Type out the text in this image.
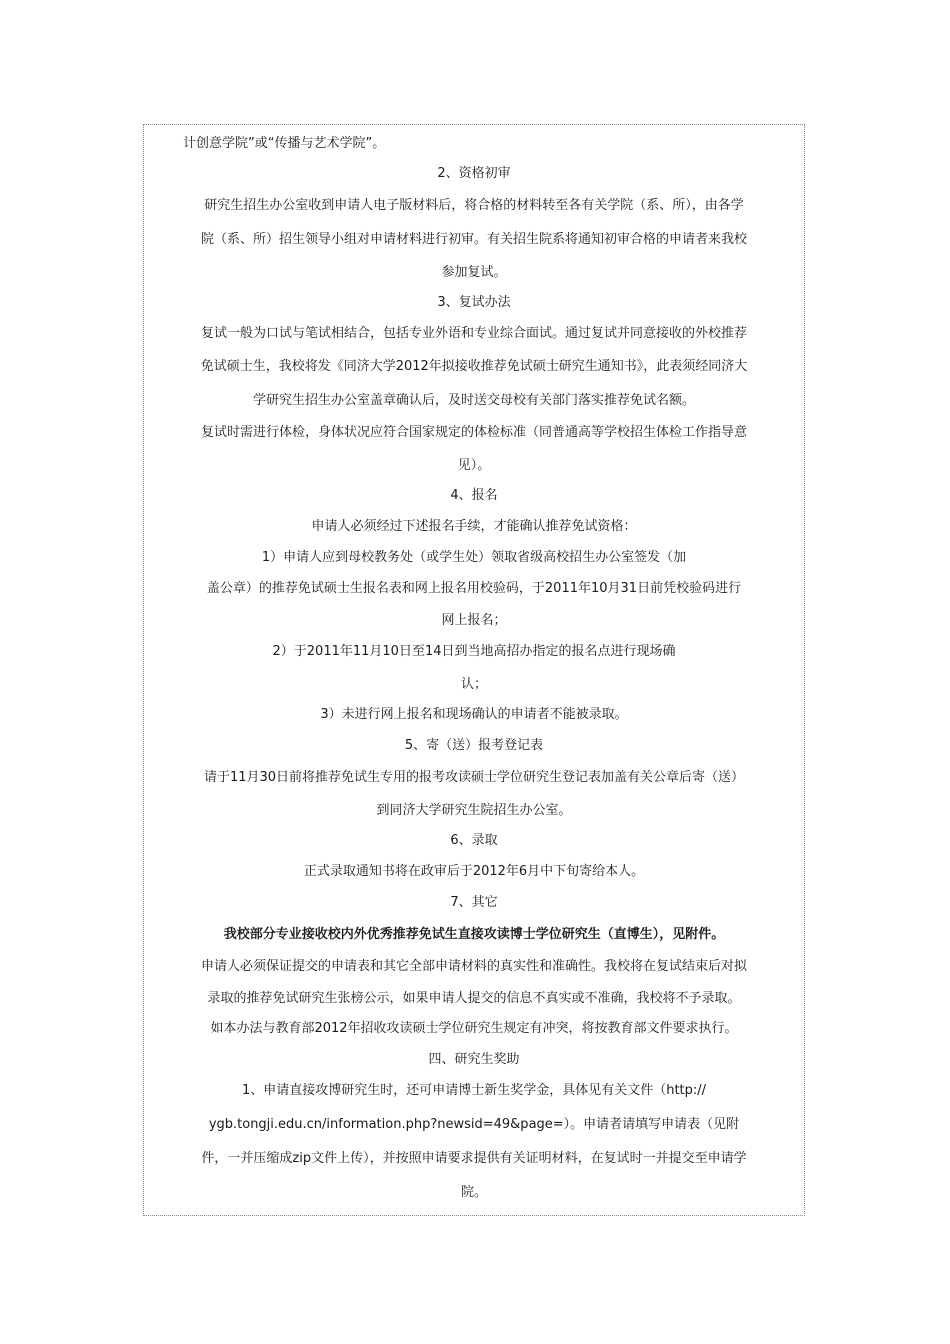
计创意学院”或“传播与艺术学院”。

2、资格初审

研究生招生办公室收到申请人电子版材料后，将合格的材料转至各有关学院（系、所），由各学

院（系、所）招生领导小组对申请材料进行初审。有关招生院系将通知初审合格的申请者来我校

参加复试。

3、复试办法

复试一般为口试与笔试相结合，包括专业外语和专业综合面试。通过复试并同意接收的外校推荐

免试硕士生，我校将发《同济大学2012年拟接收推荐免试硕士研究生通知书》，此表须经同济大

学研究生招生办公室盖章确认后，及时送交母校有关部门落实推荐免试名额。

复试时需进行体检，身体状况应符合国家规定的体检标准（同普通高等学校招生体检工作指导意

见）。

4、报名

申请人必须经过下述报名手续，才能确认推荐免试资格：

1）申请人应到母校教务处（或学生处）领取省级高校招生办公室签发（加

盖公章）的推荐免试硕士生报名表和网上报名用校验码，于2011年10月31日前凭校验码进行

网上报名；

2）于2011年11月10日至14日到当地高招办指定的报名点进行现场确

认；

3）未进行网上报名和现场确认的申请者不能被录取。

5、寄（送）报考登记表

请于11月30日前将推荐免试生专用的报考攻读硕士学位研究生登记表加盖有关公章后寄（送）

到同济大学研究生院招生办公室。

6、录取

正式录取通知书将在政审后于2012年6月中下旬寄给本人。

7、其它

我校部分专业接收校内外优秀推荐免试生直接攻读博士学位研究生（直博生），见附件。

申请人必须保证提交的申请表和其它全部申请材料的真实性和准确性。我校将在复试结束后对拟

录取的推荐免试研究生张榜公示，如果申请人提交的信息不真实或不准确，我校将不予录取。

如本办法与教育部2012年招收攻读硕士学位研究生规定有冲突，将按教育部文件要求执行。

四、研究生奖助

1、申请直接攻博研究生时，还可申请博士新生奖学金，具体见有关文件（http://

ygb.tongji.edu.cn/information.php?newsid=49&page=）。申请者请填写申请表（见附

件，一并压缩成zip文件上传），并按照申请要求提供有关证明材料，在复试时一并提交至申请学

院。
